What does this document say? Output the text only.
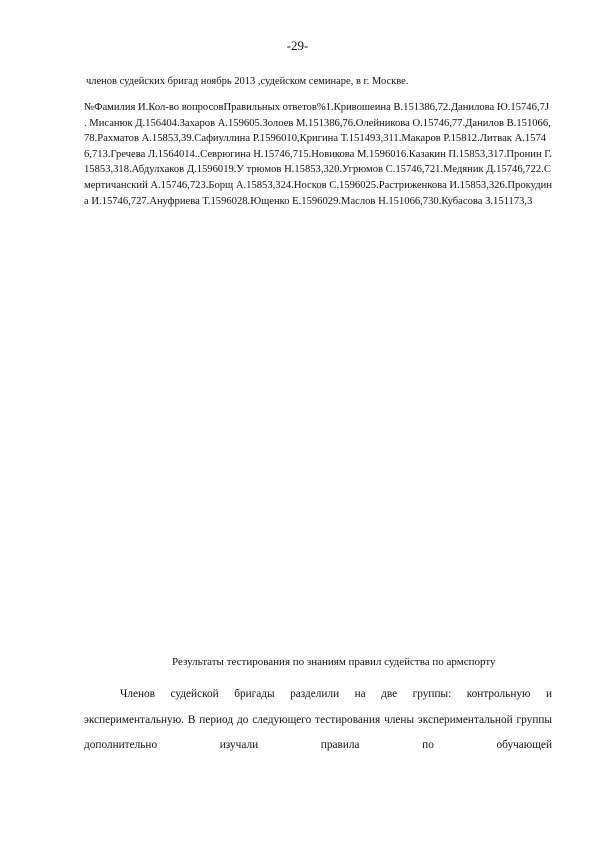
-29-
членов судейских бригад ноябрь 2013 ,судейском семинаре, в г. Москве.

№Фамилия И.Кол-во вопросовПравильных ответов%1.Кривошеина В.151386,72.Данилова Ю.15746,7J . Мисанюк Д.156404.Захаров А.159605.Золоев М.151386,76.Олейникова О.15746,77.Данилов В.151066,78.Рахматов А.15853,39.Сафиуллина Р.1596010,Кригина Т.151493,311.Макаров Р.15812.Литвак А.15746,713.Гречева Л.1564014..Севрюгина Н.15746,715.Новикова М.1596016.Казакин П.15853,317.Пронин Г.15853,318.Абдулхаков Д.1596019.У трюмов Н.15853,320.Угрюмов С.15746,721.Медяник Д.15746,722.Смертичанский А.15746,723.Борщ А.15853,324.Носков С.1596025.Растриженкова И.15853,326.Прокудина И.15746,727.Ануфриева Т.1596028.Ющенко Е.1596029.Маслов Н.151066,730.Кубасова З.151173,3

Результаты тестирования по знаниям правил судейства по армспорту

Членов судейской бригады разделили на две группы: контрольную и экспериментальную. В период до следующего тестирования члены экспериментальной группы дополнительно изучали правила по обучающей
